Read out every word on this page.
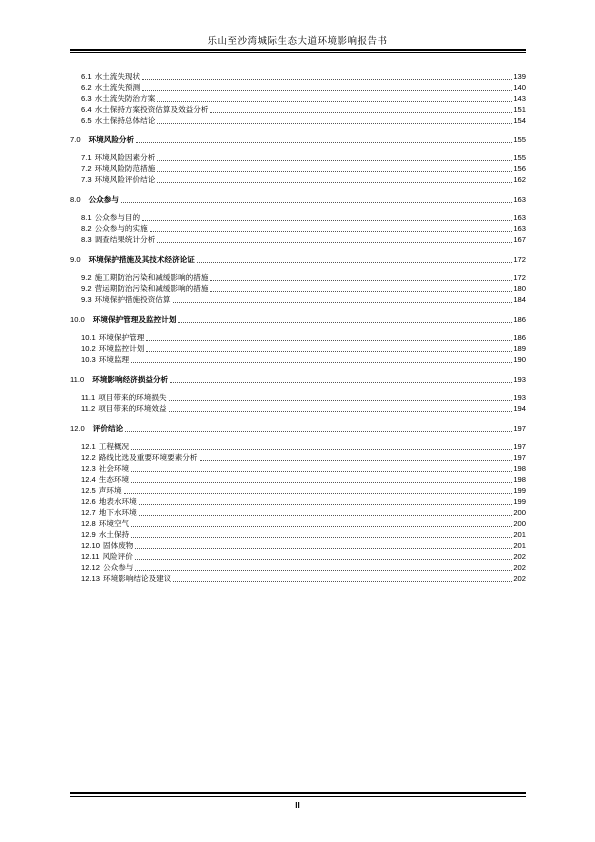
乐山至沙湾城际生态大道环境影响报告书
6.1 水土流失现状	139
6.2 水土流失预测	140
6.3 水土流失防治方案	143
6.4 水土保持方案投资估算及效益分析	151
6.5 水土保持总体结论	154
7.0 环境风险分析	155
7.1 环境风险因素分析	155
7.2 环境风险防范措施	156
7.3 环境风险评价结论	162
8.0 公众参与	163
8.1 公众参与目的	163
8.2 公众参与的实施	163
8.3 调查结果统计分析	167
9.0 环境保护措施及其技术经济论证	172
9.2 施工期防治污染和减缓影响的措施	172
9.2 营运期防治污染和减缓影响的措施	180
9.3 环境保护措施投资估算	184
10.0 环境保护管理及监控计划	186
10.1 环境保护管理	186
10.2 环境监控计划	189
10.3 环境监理	190
11.0 环境影响经济损益分析	193
11.1 项目带来的环境损失	193
11.2 项目带来的环境效益	194
12.0 评价结论	197
12.1 工程概况	197
12.2 路线比选及重要环境要素分析	197
12.3 社会环境	198
12.4 生态环境	198
12.5 声环境	199
12.6 地表水环境	199
12.7 地下水环境	200
12.8 环境空气	200
12.9 水土保持	201
12.10 固体废物	201
12.11 风险评价	202
12.12 公众参与	202
12.13 环境影响结论及建议	202
II
